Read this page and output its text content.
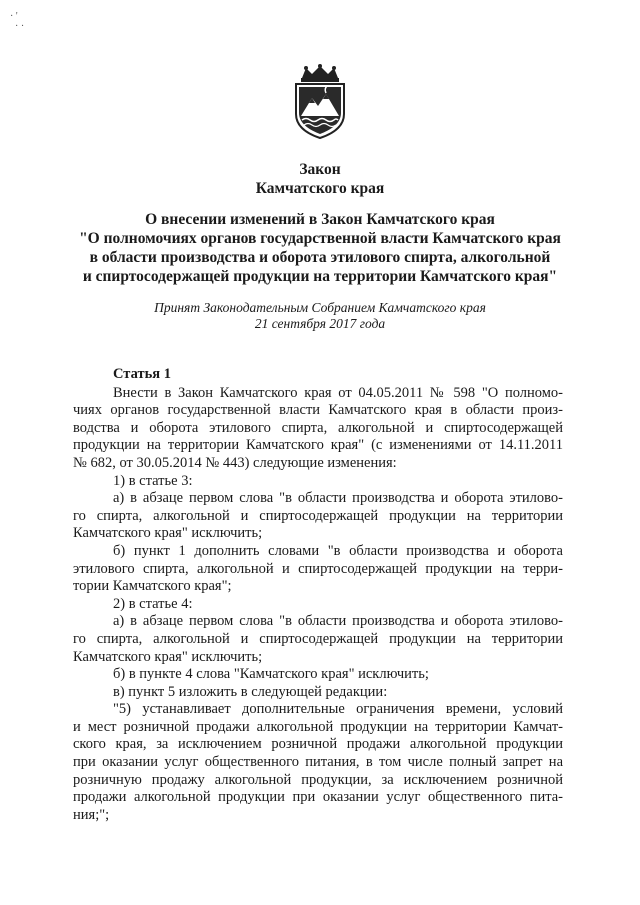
· '
· ·
Закон
Камчатского края
О внесении изменений в Закон Камчатского края
"О полномочиях органов государственной власти Камчатского края
в области производства и оборота этилового спирта, алкогольной
и спиртосодержащей продукции на территории Камчатского края"
Принят Законодательным Собранием Камчатского края
21 сентября 2017 года
Статья 1
Внести в Закон Камчатского края от 04.05.2011 № 598 "О полномо-
чиях органов государственной власти Камчатского края в области произ-
водства и оборота этилового спирта, алкогольной и спиртосодержащей
продукции на территории Камчатского края" (с изменениями от 14.11.2011
№ 682, от 30.05.2014 № 443) следующие изменения:
1) в статье 3:
а) в абзаце первом слова "в области производства и оборота этилово-
го спирта, алкогольной и спиртосодержащей продукции на территории
Камчатского края" исключить;
б) пункт 1 дополнить словами "в области производства и оборота
этилового спирта, алкогольной и спиртосодержащей продукции на терри-
тории Камчатского края";
2) в статье 4:
а) в абзаце первом слова "в области производства и оборота этилово-
го спирта, алкогольной и спиртосодержащей продукции на территории
Камчатского края" исключить;
б) в пункте 4 слова "Камчатского края" исключить;
в) пункт 5 изложить в следующей редакции:
"5) устанавливает дополнительные ограничения времени, условий
и мест розничной продажи алкогольной продукции на территории Камчат-
ского края, за исключением розничной продажи алкогольной продукции
при оказании услуг общественного питания, в том числе полный запрет на
розничную продажу алкогольной продукции, за исключением розничной
продажи алкогольной продукции при оказании услуг общественного пита-
ния;";
